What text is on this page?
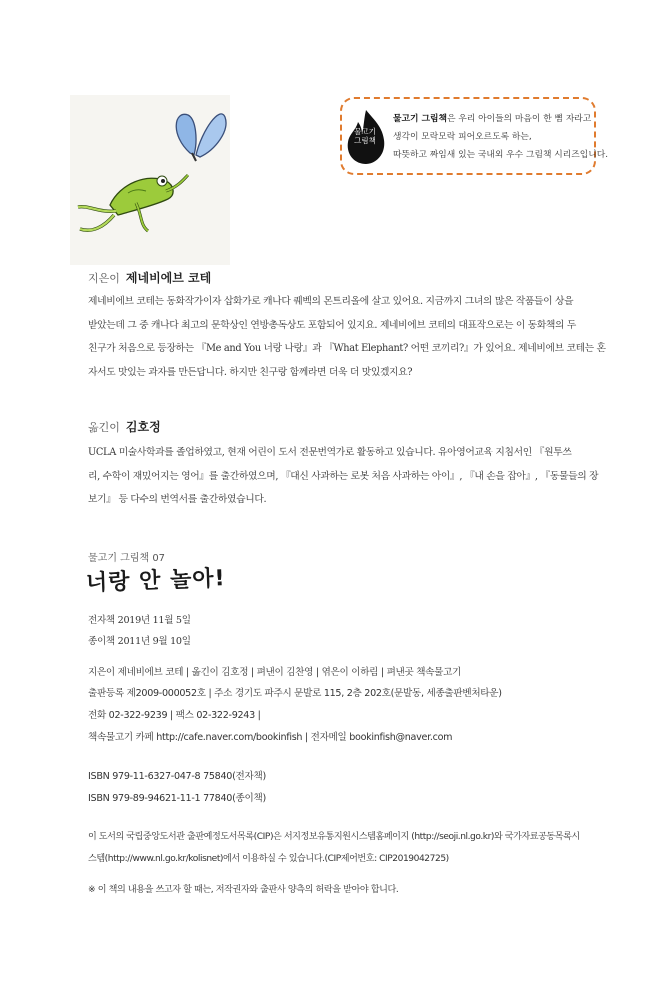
물고기
그림책
물고기 그림책은 우리 아이들의 마음이 한 뼘 자라고
생각이 모락모락 피어오르도록 하는,
따뜻하고 짜임새 있는 국내외 우수 그림책 시리즈입니다.
지은이 제네비에브 코테
제네비에브 코테는 동화작가이자 삽화가로 캐나다 퀘벡의 몬트리올에 살고 있어요. 지금까지 그녀의 많은 작품들이 상을
받았는데 그 중 캐나다 최고의 문학상인 연방총독상도 포함되어 있지요. 제네비에브 코테의 대표작으로는 이 동화책의 두
친구가 처음으로 등장하는 『Me and You 너랑 나랑』과 『What Elephant? 어떤 코끼리?』가 있어요. 제네비에브 코테는 혼
자서도 맛있는 과자를 만든답니다. 하지만 친구랑 함께라면 더욱 더 맛있겠지요?
옮긴이 김호정
UCLA 미술사학과를 졸업하였고, 현재 어린이 도서 전문번역가로 활동하고 있습니다. 유아영어교육 지침서인 『원투쓰
리, 수학이 재밌어지는 영어』를 출간하였으며, 『대신 사과하는 로봇 처음 사과하는 아이』, 『내 손을 잡아』, 『동물들의 장
보기』 등 다수의 번역서를 출간하였습니다.
물고기 그림책 07
너랑 안 놀아!
전자책 2019년 11월 5일
종이책 2011년 9월 10일
지은이 제네비에브 코테 | 옮긴이 김호정 | 펴낸이 김찬영 | 엮은이 이하림 | 펴낸곳 책속물고기
출판등록 제2009-000052호 | 주소 경기도 파주시 문발로 115, 2층 202호(문발동, 세종출판벤처타운)
전화 02-322-9239 | 팩스 02-322-9243 |
책속물고기 카페 http://cafe.naver.com/bookinfish | 전자메일 bookinfish@naver.com
ISBN 979-11-6327-047-8 75840(전자책)
ISBN 979-89-94621-11-1 77840(종이책)
이 도서의 국립중앙도서관 출판예정도서목록(CIP)은 서지정보유통지원시스템홈페이지 (http://seoji.nl.go.kr)와 국가자료공동목록시
스템(http://www.nl.go.kr/kolisnet)에서 이용하실 수 있습니다.(CIP제어번호: CIP2019042725)
※ 이 책의 내용을 쓰고자 할 때는, 저작권자와 출판사 양측의 허락을 받아야 합니다.
